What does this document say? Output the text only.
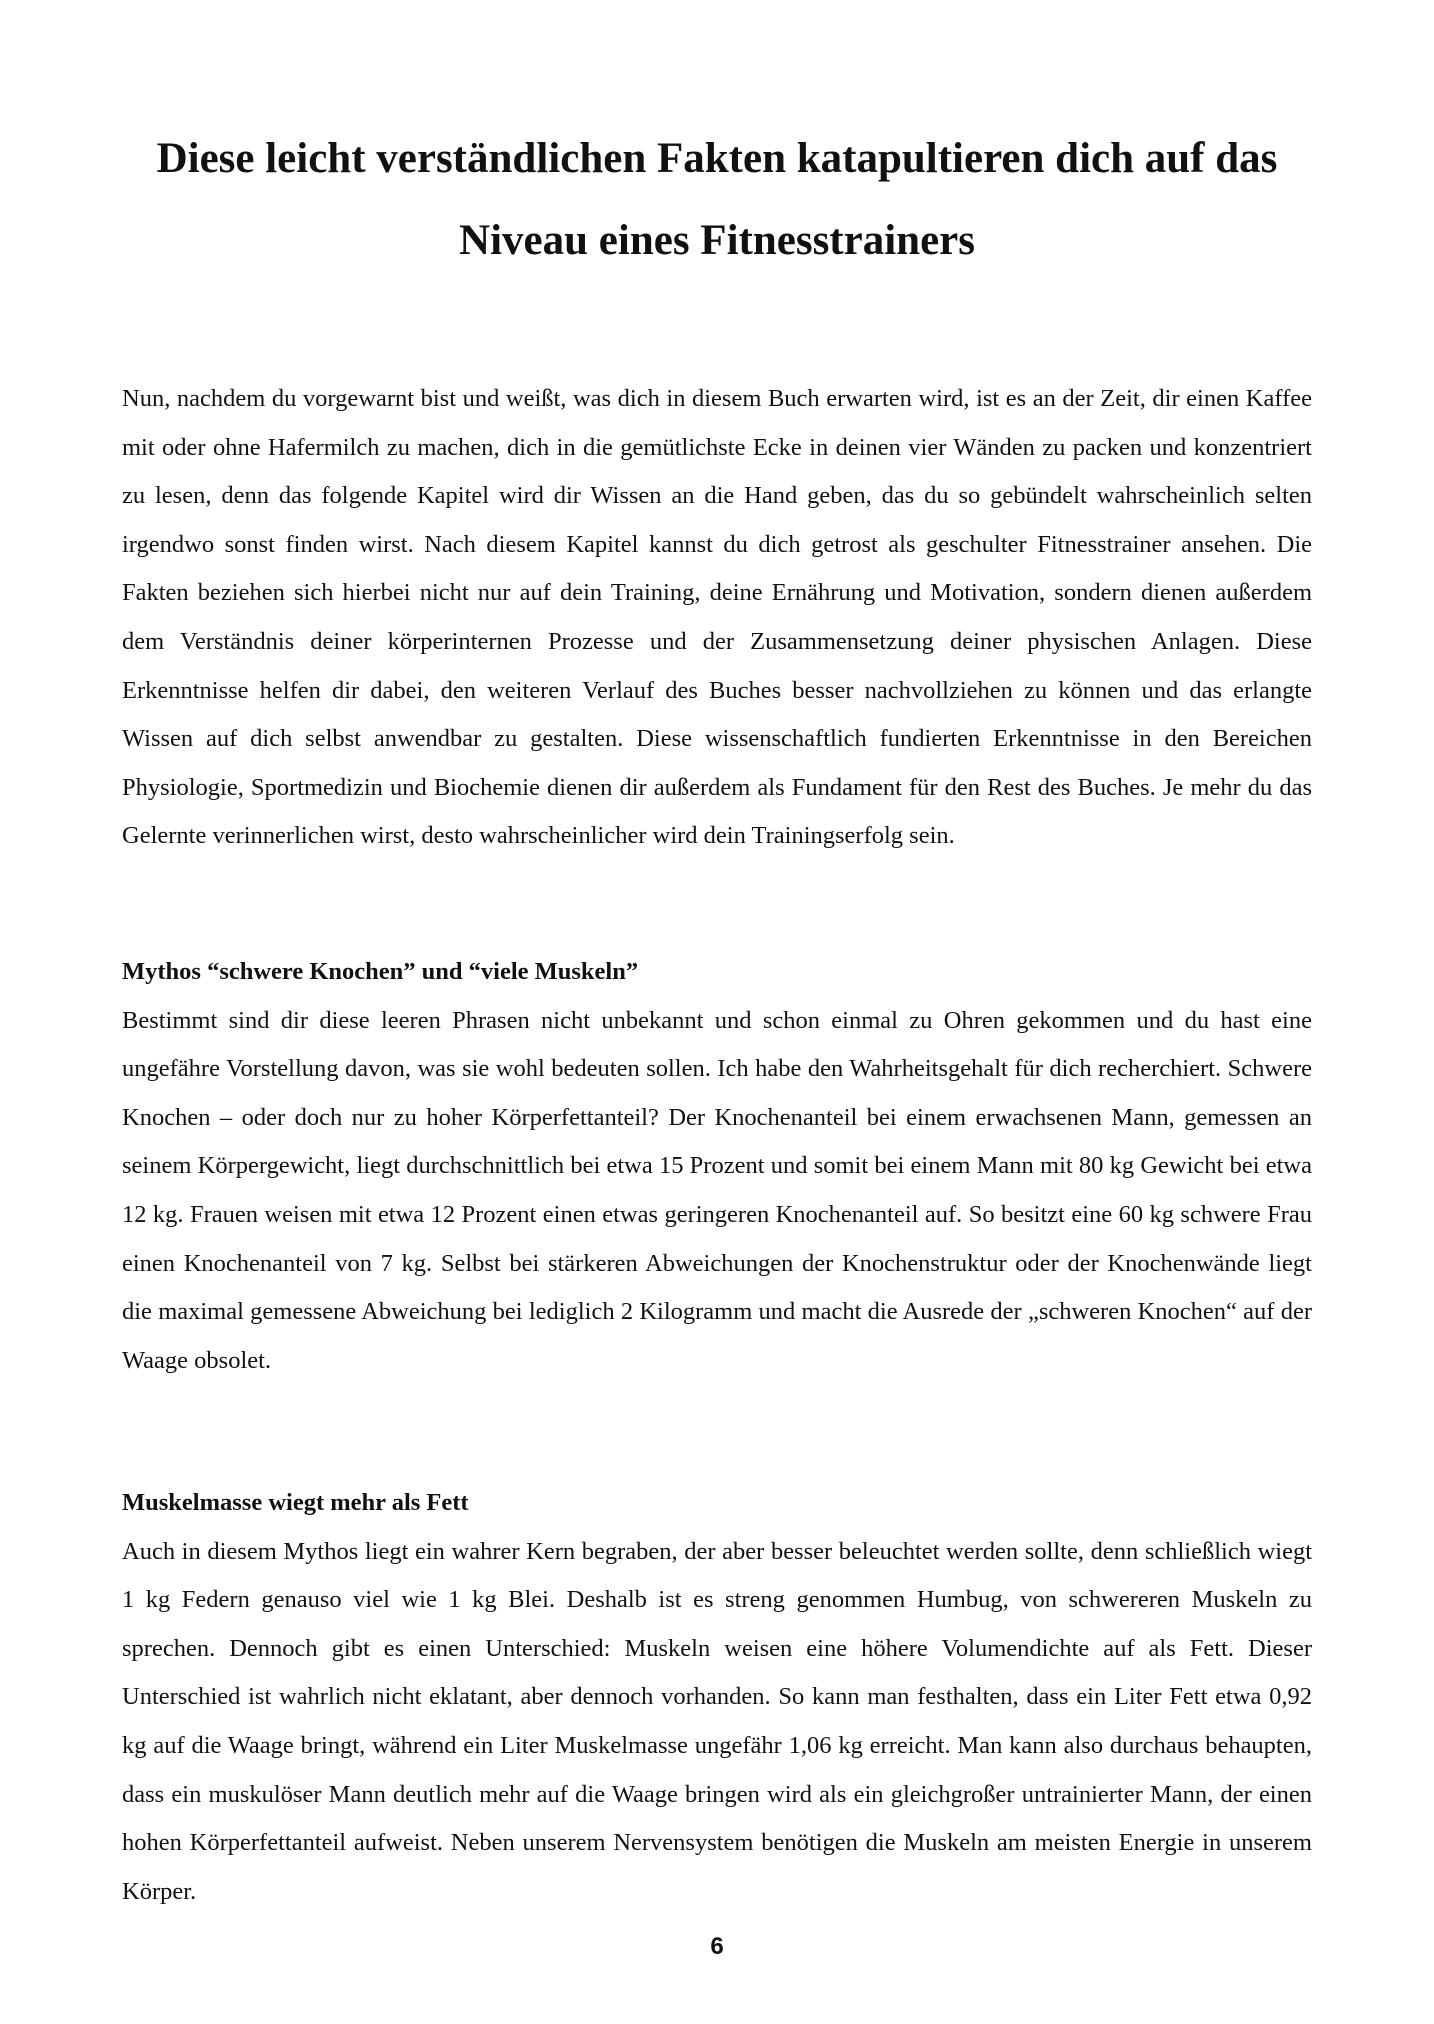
Diese leicht verständlichen Fakten katapultieren dich auf das
Niveau eines Fitnesstrainers

Nun, nachdem du vorgewarnt bist und weißt, was dich in diesem Buch erwarten wird, ist es an der Zeit, dir einen Kaffee mit oder ohne Hafermilch zu machen, dich in die gemütlichste Ecke in deinen vier Wänden zu packen und konzentriert zu lesen, denn das folgende Kapitel wird dir Wissen an die Hand geben, das du so gebündelt wahrscheinlich selten irgendwo sonst finden wirst. Nach diesem Kapitel kannst du dich getrost als geschulter Fitnesstrainer ansehen. Die Fakten beziehen sich hierbei nicht nur auf dein Training, deine Ernährung und Motivation, sondern dienen außerdem dem Verständnis deiner körperinternen Prozesse und der Zusammensetzung deiner physischen Anlagen. Diese Erkenntnisse helfen dir dabei, den weiteren Verlauf des Buches besser nachvollziehen zu können und das erlangte Wissen auf dich selbst anwendbar zu gestalten. Diese wissenschaftlich fundierten Erkenntnisse in den Bereichen Physiologie, Sportmedizin und Biochemie dienen dir außerdem als Fundament für den Rest des Buches. Je mehr du das Gelernte verinnerlichen wirst, desto wahrscheinlicher wird dein Trainingserfolg sein.

Mythos “schwere Knochen” und “viele Muskeln”

Bestimmt sind dir diese leeren Phrasen nicht unbekannt und schon einmal zu Ohren gekommen und du hast eine ungefähre Vorstellung davon, was sie wohl bedeuten sollen. Ich habe den Wahrheitsgehalt für dich recherchiert. Schwere Knochen – oder doch nur zu hoher Körperfettanteil? Der Knochenanteil bei einem erwachsenen Mann, gemessen an seinem Körpergewicht, liegt durchschnittlich bei etwa 15 Prozent und somit bei einem Mann mit 80 kg Gewicht bei etwa 12 kg. Frauen weisen mit etwa 12 Prozent einen etwas geringeren Knochenanteil auf. So besitzt eine 60 kg schwere Frau einen Knochenanteil von 7 kg. Selbst bei stärkeren Abweichungen der Knochenstruktur oder der Knochenwände liegt die maximal gemessene Abweichung bei lediglich 2 Kilogramm und macht die Ausrede der „schweren Knochen“ auf der Waage obsolet.

Muskelmasse wiegt mehr als Fett

Auch in diesem Mythos liegt ein wahrer Kern begraben, der aber besser beleuchtet werden sollte, denn schließlich wiegt 1 kg Federn genauso viel wie 1 kg Blei. Deshalb ist es streng genommen Humbug, von schwereren Muskeln zu sprechen. Dennoch gibt es einen Unterschied: Muskeln weisen eine höhere Volumendichte auf als Fett. Dieser Unterschied ist wahrlich nicht eklatant, aber dennoch vorhanden. So kann man festhalten, dass ein Liter Fett etwa 0,92 kg auf die Waage bringt, während ein Liter Muskelmasse ungefähr 1,06 kg erreicht. Man kann also durchaus behaupten, dass ein muskulöser Mann deutlich mehr auf die Waage bringen wird als ein gleichgroßer untrainierter Mann, der einen hohen Körperfettanteil aufweist. Neben unserem Nervensystem benötigen die Muskeln am meisten Energie in unserem Körper.

6
